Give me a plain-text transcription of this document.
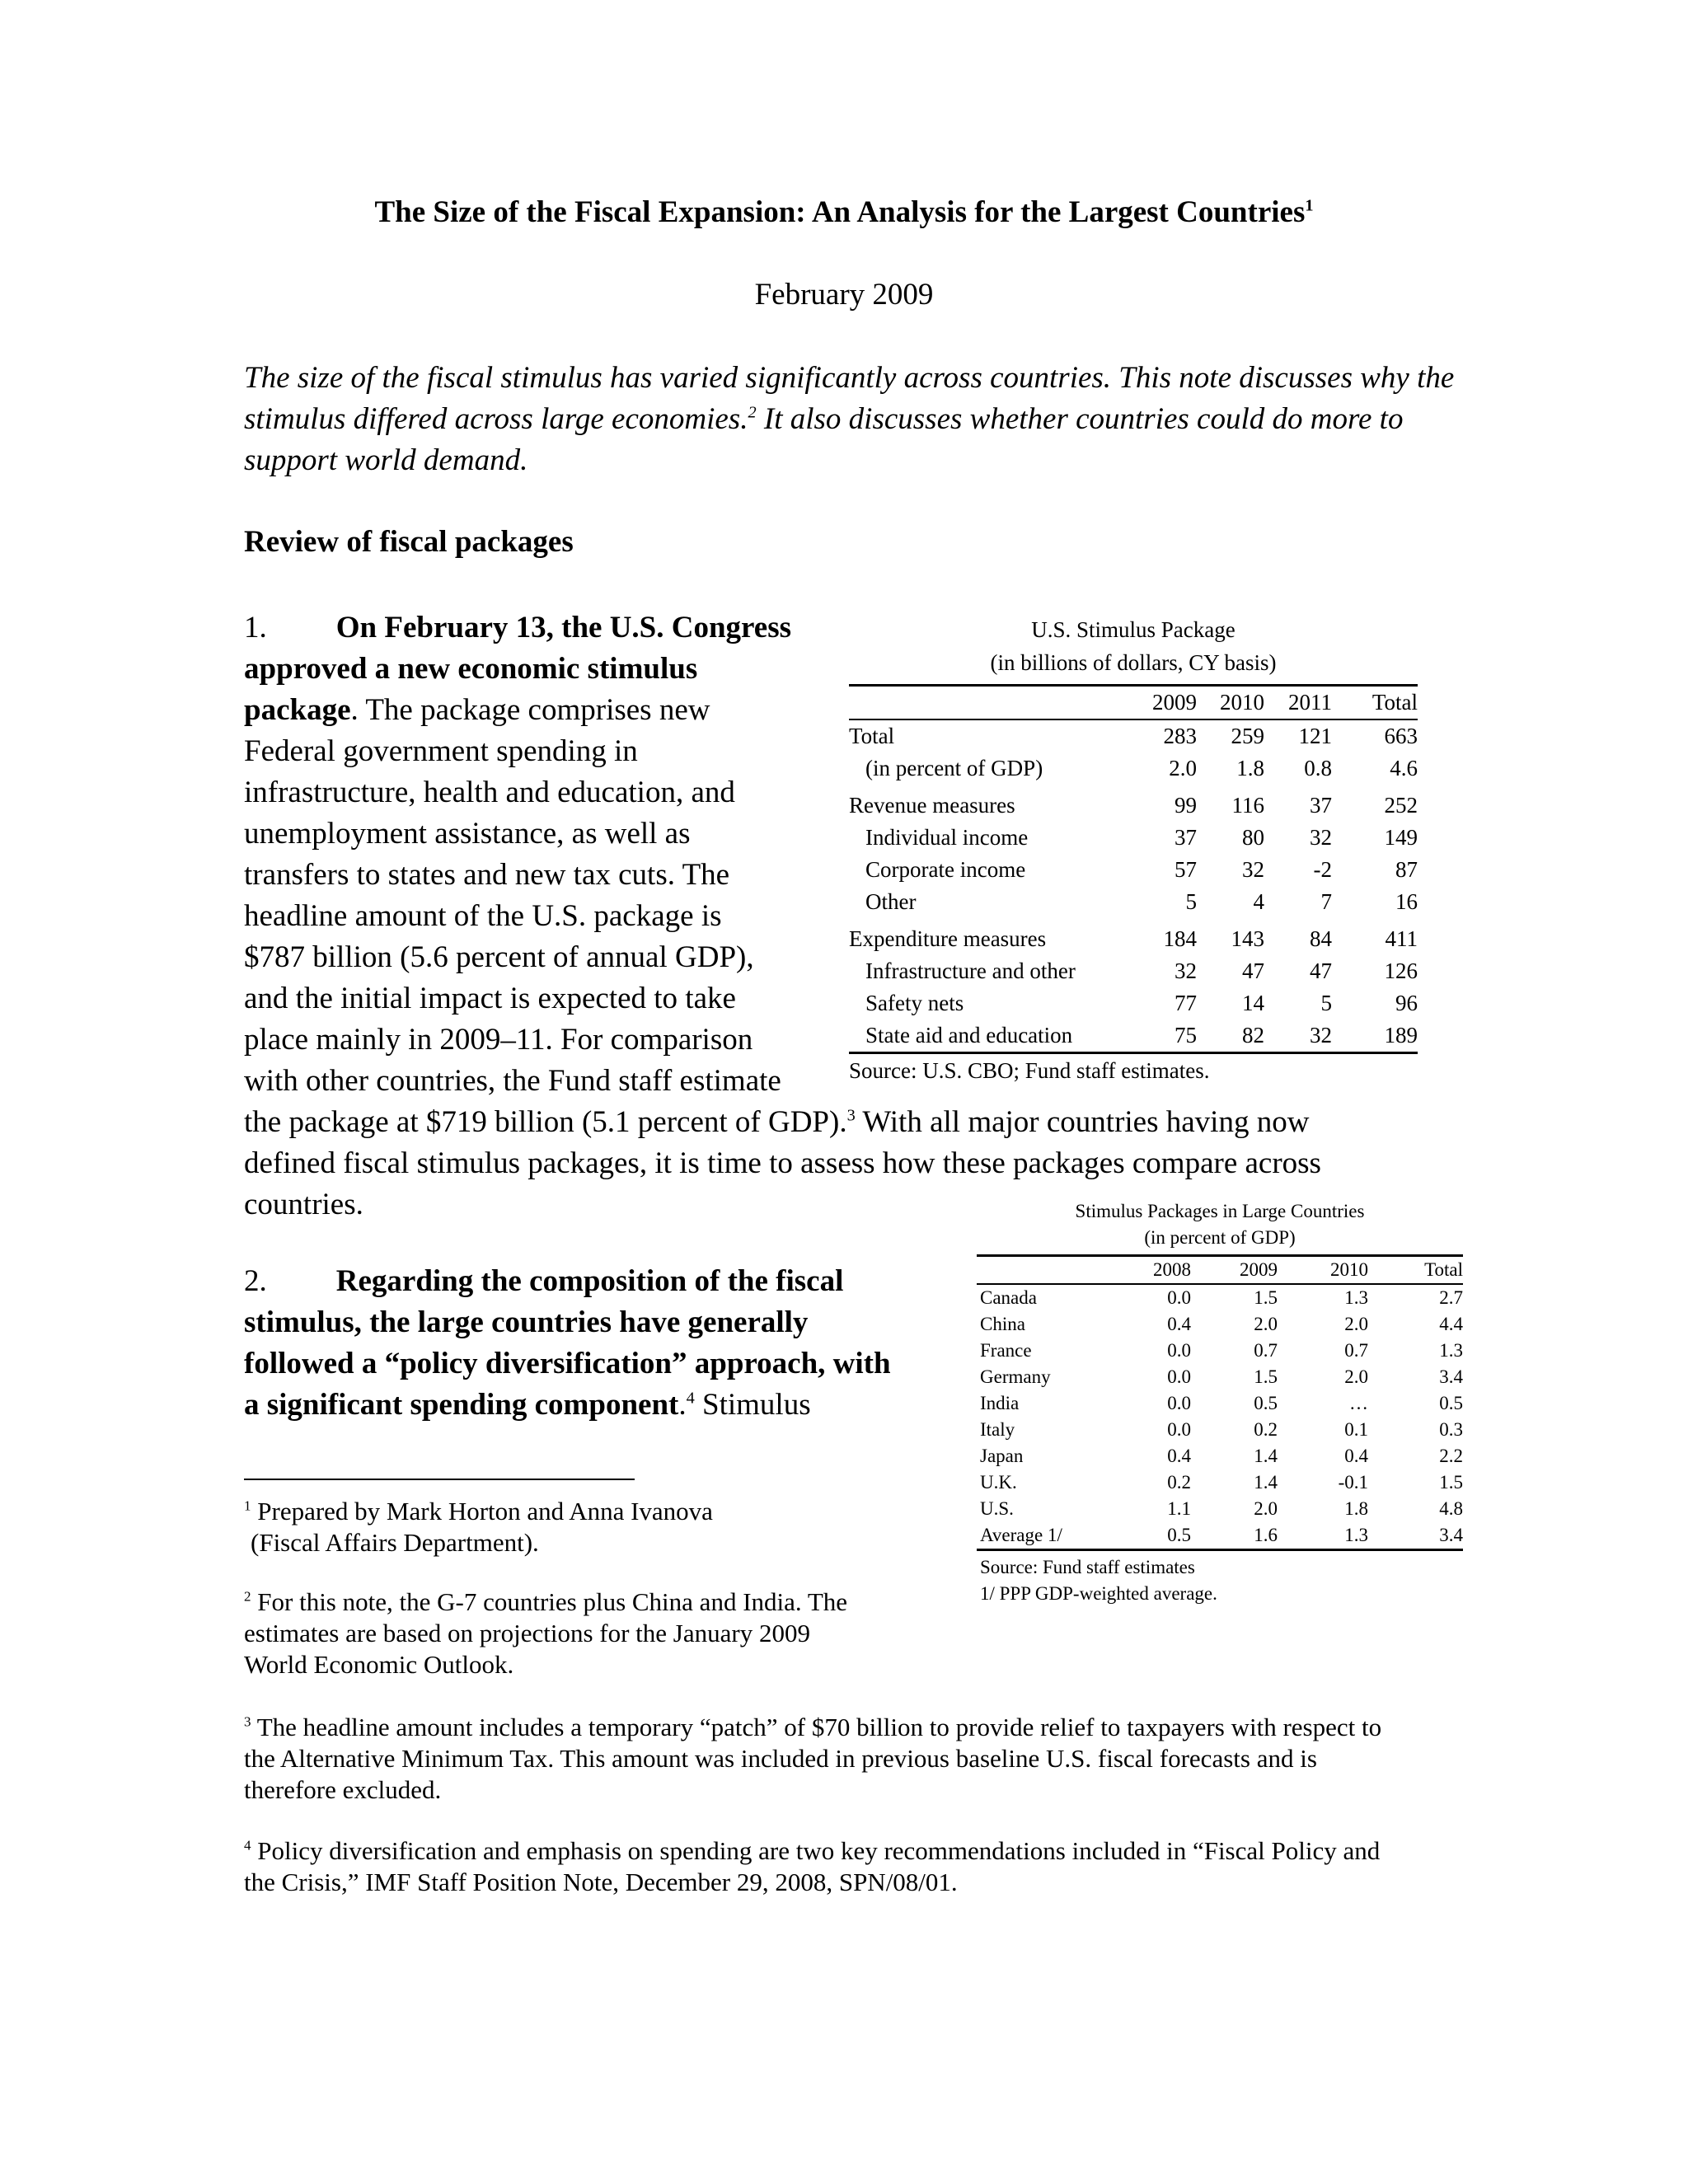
The Size of the Fiscal Expansion: An Analysis for the Largest Countries$^1$
February 2009
The size of the fiscal stimulus has varied significantly across countries. This note discusses why the stimulus differed across large economies.$^2$ It also discusses whether countries could do more to support world demand.
Review of fiscal packages
1. On February 13, the U.S. Congress
approved a new economic stimulus
package. The package comprises new
Federal government spending in
infrastructure, health and education, and
unemployment assistance, as well as
transfers to states and new tax cuts. The
headline amount of the U.S. package is
$787 billion (5.6 percent of annual GDP),
and the initial impact is expected to take
place mainly in 2009–11. For comparison
with other countries, the Fund staff estimate
the package at $719 billion (5.1 percent of GDP).$^3$ With all major countries having now
defined fiscal stimulus packages, it is time to assess how these packages compare across
countries.
U.S. Stimulus Package
(in billions of dollars, CY basis)
	2009	2010	2011	Total
Total	283	259	121	663
(in percent of GDP)	2.0	1.8	0.8	4.6
Revenue measures	99	116	37	252
Individual income	37	80	32	149
Corporate income	57	32	-2	87
Other	5	4	7	16
Expenditure measures	184	143	84	411
Infrastructure and other	32	47	47	126
Safety nets	77	14	5	96
State aid and education	75	82	32	189
Source: U.S. CBO; Fund staff estimates.
2. Regarding the composition of the fiscal
stimulus, the large countries have generally
followed a “policy diversification” approach, with
a significant spending component.$^4$ Stimulus
Stimulus Packages in Large Countries
(in percent of GDP)
	2008	2009	2010	Total
Canada	0.0	1.5	1.3	2.7
China	0.4	2.0	2.0	4.4
France	0.0	0.7	0.7	1.3
Germany	0.0	1.5	2.0	3.4
India	0.0	0.5	…	0.5
Italy	0.0	0.2	0.1	0.3
Japan	0.4	1.4	0.4	2.2
U.K.	0.2	1.4	-0.1	1.5
U.S.	1.1	2.0	1.8	4.8
Average 1/	0.5	1.6	1.3	3.4
Source: Fund staff estimates
1/ PPP GDP-weighted average.
$^1$ Prepared by Mark Horton and Anna Ivanova
(Fiscal Affairs Department).
$^2$ For this note, the G-7 countries plus China and India. The
estimates are based on projections for the January 2009
World Economic Outlook.
$^3$ The headline amount includes a temporary “patch” of $70 billion to provide relief to taxpayers with respect to
the Alternative Minimum Tax. This amount was included in previous baseline U.S. fiscal forecasts and is
therefore excluded.
$^4$ Policy diversification and emphasis on spending are two key recommendations included in “Fiscal Policy and
the Crisis,” IMF Staff Position Note, December 29, 2008, SPN/08/01.
